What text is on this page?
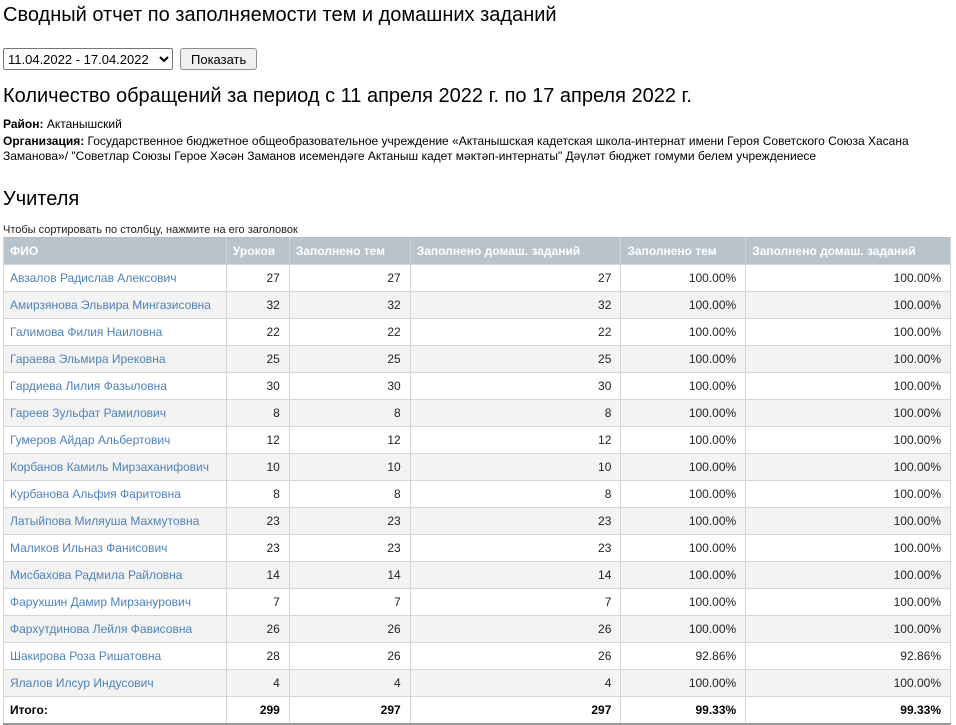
Сводный отчет по заполняемости тем и домашних заданий
11.04.2022 - 17.04.2022
Показать
Количество обращений за период с 11 апреля 2022 г. по 17 апреля 2022 г.
Район: Актанышский
Организация: Государственное бюджетное общеобразовательное учреждение «Актанышская кадетская школа-интернат имени Героя Советского Союза Хасана Заманова»/ "Советлар Союзы Герое Хәсән Заманов исемендәге Актаныш кадет мәктәп-интернаты" Дәүләт бюджет гомуми белем учреждениесе
Учителя
Чтобы сортировать по столбцу, нажмите на его заголовок
ФИО	Уроков	Заполнено тем	Заполнено домаш. заданий	Заполнено тем	Заполнено домаш. заданий
Авзалов Радислав Алексович	27	27	27	100.00%	100.00%
Амирзянова Эльвира Мингазисовна	32	32	32	100.00%	100.00%
Галимова Филия Наиловна	22	22	22	100.00%	100.00%
Гараева Эльмира Ирековна	25	25	25	100.00%	100.00%
Гардиева Лилия Фазыловна	30	30	30	100.00%	100.00%
Гареев Зульфат Рамилович	8	8	8	100.00%	100.00%
Гумеров Айдар Альбертович	12	12	12	100.00%	100.00%
Корбанов Камиль Мирзаханифович	10	10	10	100.00%	100.00%
Курбанова Альфия Фаритовна	8	8	8	100.00%	100.00%
Латыйпова Миляуша Махмутовна	23	23	23	100.00%	100.00%
Маликов Ильназ Фанисович	23	23	23	100.00%	100.00%
Мисбахова Радмила Райловна	14	14	14	100.00%	100.00%
Фарухшин Дамир Мирзанурович	7	7	7	100.00%	100.00%
Фархутдинова Лейля Фависовна	26	26	26	100.00%	100.00%
Шакирова Роза Ришатовна	28	26	26	92.86%	92.86%
Ялалов Илсур Индусович	4	4	4	100.00%	100.00%
Итого:	299	297	297	99.33%	99.33%
